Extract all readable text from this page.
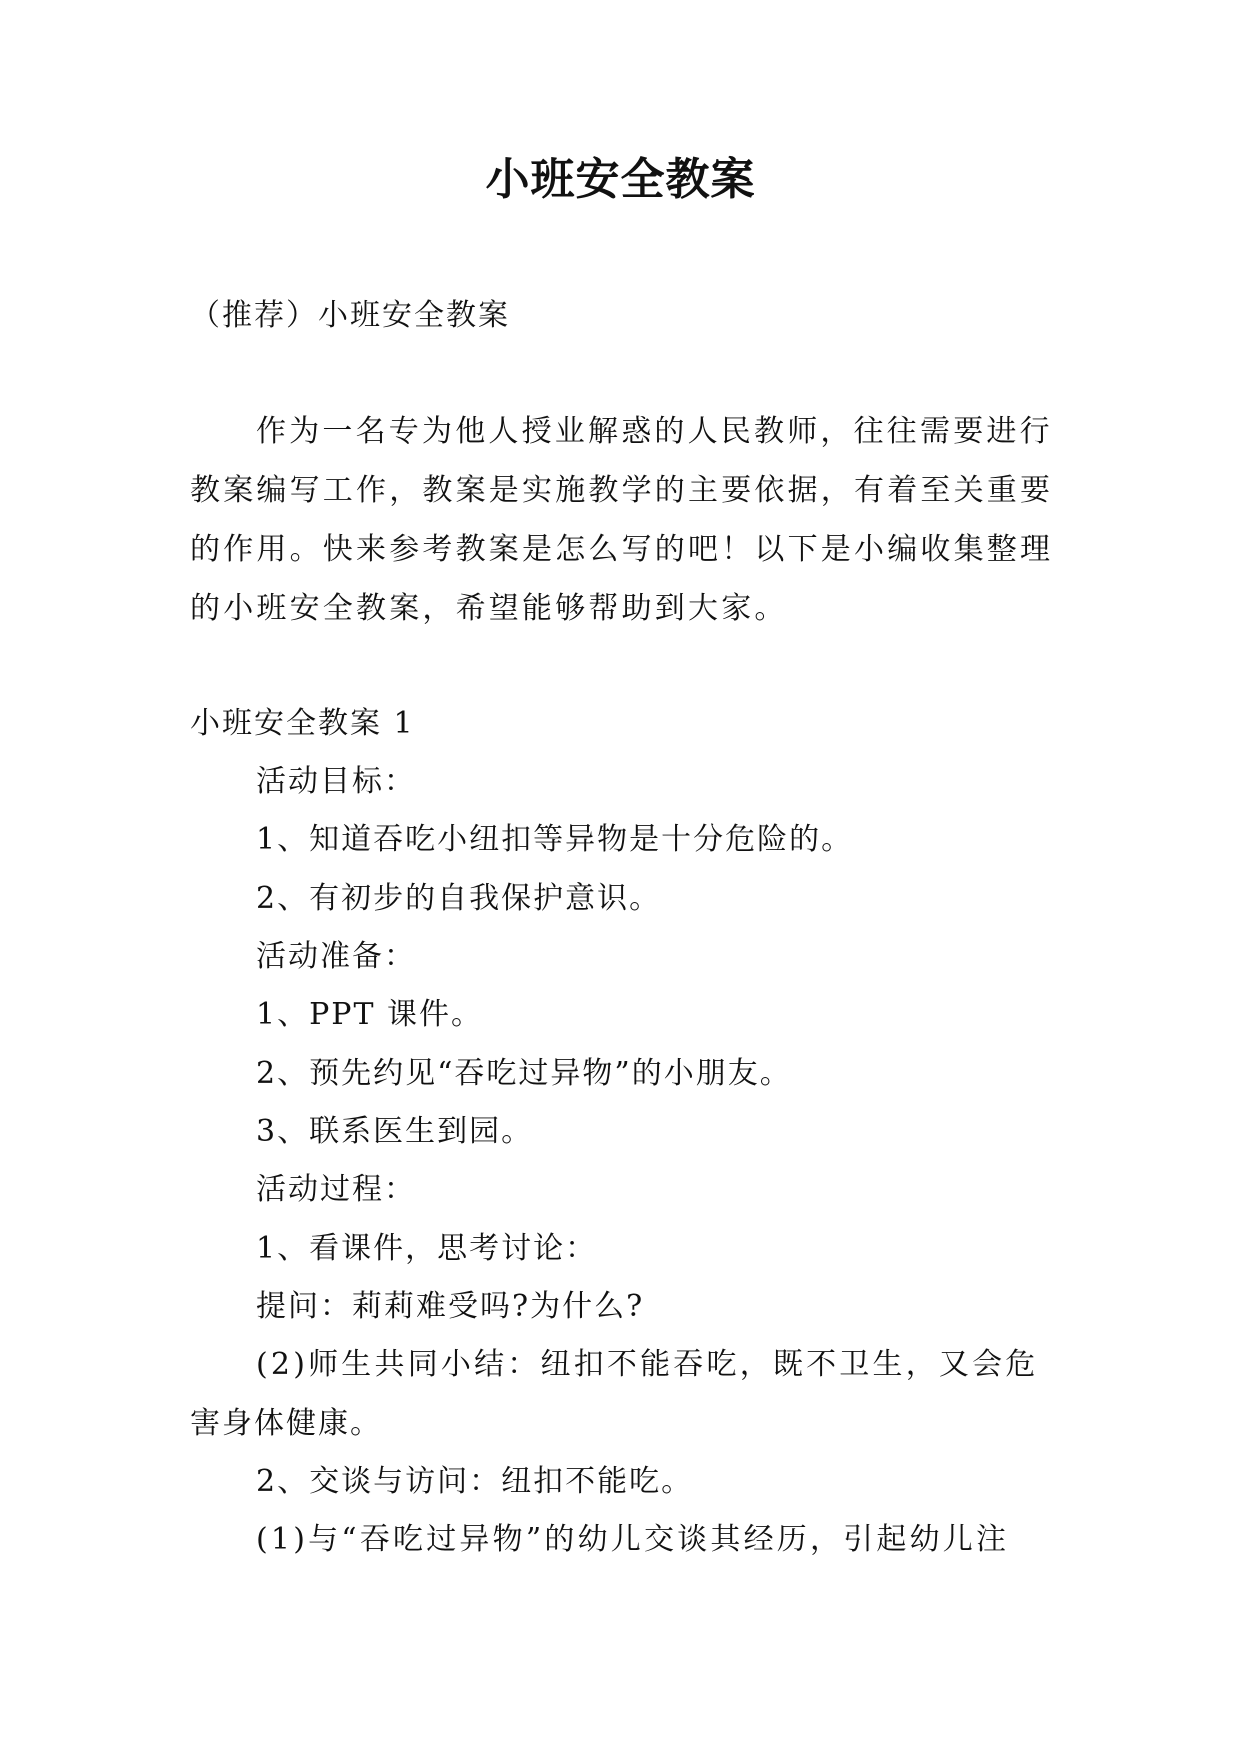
小班安全教案
（推荐）小班安全教案
作为一名专为他人授业解惑的人民教师，往往需要进行
教案编写工作，教案是实施教学的主要依据，有着至关重要
的作用。快来参考教案是怎么写的吧！以下是小编收集整理
的小班安全教案，希望能够帮助到大家。
小班安全教案 1
活动目标：
1、知道吞吃小纽扣等异物是十分危险的。
2、有初步的自我保护意识。
活动准备：
1、PPT 课件。
2、预先约见“吞吃过异物”的小朋友。
3、联系医生到园。
活动过程：
1、看课件，思考讨论：
提问：莉莉难受吗?为什么?
(2)师生共同小结：纽扣不能吞吃，既不卫生，又会危
害身体健康。
2、交谈与访问：纽扣不能吃。
(1)与“吞吃过异物”的幼儿交谈其经历，引起幼儿注
